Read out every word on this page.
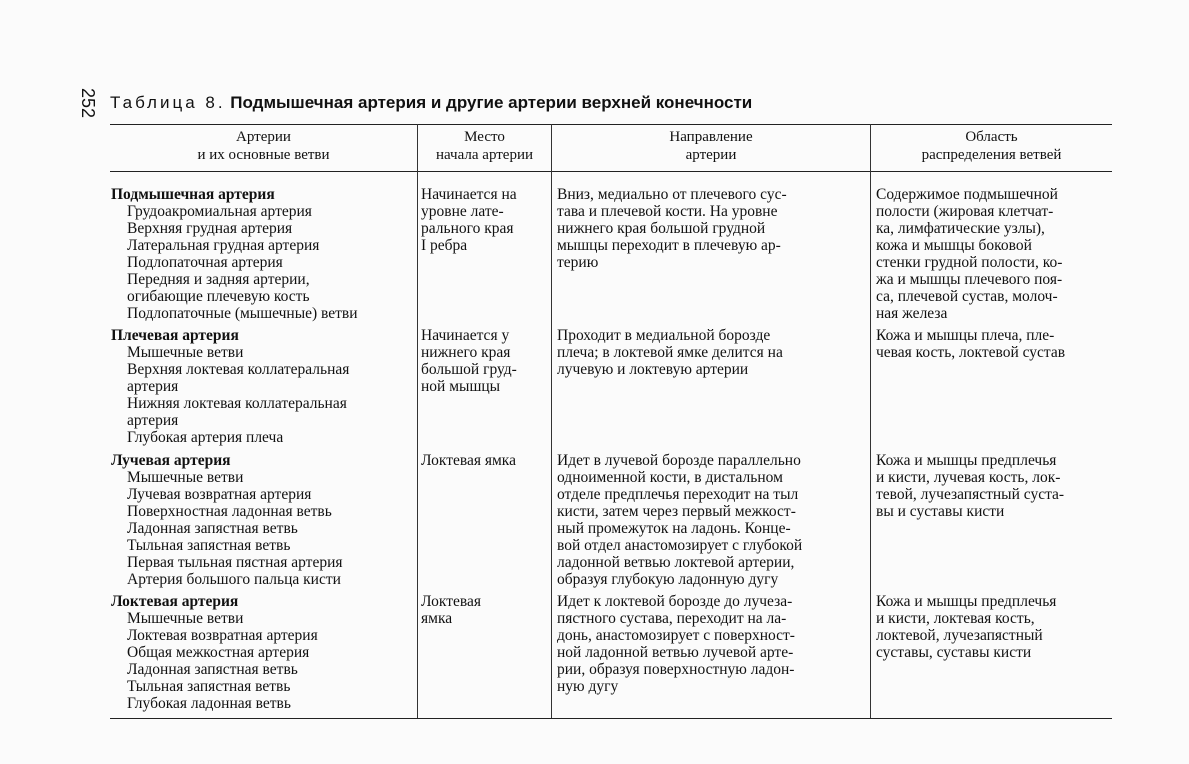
252 Таблица 8. Подмышечная артерия и другие артерии верхней конечности
Артерии
и их основные ветви
Место
начала артерии
Направление
артерии
Область
распределения ветвей
Подмышечная артерия
Грудоакромиальная артерия
Верхняя грудная артерия
Латеральная грудная артерия
Подлопаточная артерия
Передняя и задняя артерии,
огибающие плечевую кость
Подлопаточные (мышечные) ветви
Начинается на
уровне лате-
рального края
I ребра
Вниз, медиально от плечевого сус-
тава и плечевой кости. На уровне
нижнего края большой грудной
мышцы переходит в плечевую ар-
терию
Содержимое подмышечной
полости (жировая клетчат-
ка, лимфатические узлы),
кожа и мышцы боковой
стенки грудной полости, ко-
жа и мышцы плечевого поя-
са, плечевой сустав, молоч-
ная железа
Плечевая артерия
Мышечные ветви
Верхняя локтевая коллатеральная
артерия
Нижняя локтевая коллатеральная
артерия
Глубокая артерия плеча
Начинается у
нижнего края
большой груд-
ной мышцы
Проходит в медиальной борозде
плеча; в локтевой ямке делится на
лучевую и локтевую артерии
Кожа и мышцы плеча, пле-
чевая кость, локтевой сустав
Лучевая артерия
Мышечные ветви
Лучевая возвратная артерия
Поверхностная ладонная ветвь
Ладонная запястная ветвь
Тыльная запястная ветвь
Первая тыльная пястная артерия
Артерия большого пальца кисти
Локтевая ямка	Идет в лучевой борозде параллельно
одноименной кости, в дистальном
отделе предплечья переходит на тыл
кисти, затем через первый межкост-
ный промежуток на ладонь. Конце-
вой отдел анастомозирует с глубокой
ладонной ветвью локтевой артерии,
образуя глубокую ладонную дугу
Кожа и мышцы предплечья
и кисти, лучевая кость, лок-
тевой, лучезапястный суста-
вы и суставы кисти
Локтевая артерия
Мышечные ветви
Локтевая возвратная артерия
Общая межкостная артерия
Ладонная запястная ветвь
Тыльная запястная ветвь
Глубокая ладонная ветвь
Локтевая
ямка
Идет к локтевой борозде до лучеза-
пястного сустава, переходит на ла-
донь, анастомозирует с поверхност-
ной ладонной ветвью лучевой арте-
рии, образуя поверхностную ладон-
ную дугу
Кожа и мышцы предплечья
и кисти, локтевая кость,
локтевой, лучезапястный
суставы, суставы кисти
